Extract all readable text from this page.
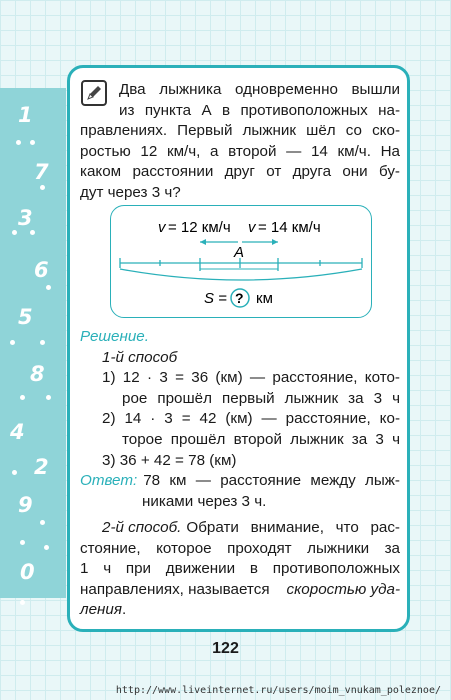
1
7
3
6
5
8
4
2
9
0
Два лыжника одновременно вышли
из пункта А в противоположных на-
правлениях. Первый лыжник шёл со ско-
ростью 12 км/ч, а второй — 14 км/ч. На
каком расстоянии друг от друга они бу-
дут через 3 ч?
v = 12 км/ч v = 14 км/ч
A
S = ? км
Решение.
1-й способ
1) 12 · 3 = 36 (км) — расстояние, кото-
рое прошёл первый лыжник за 3 ч
2) 14 · 3 = 42 (км) — расстояние, ко-
торое прошёл второй лыжник за 3 ч
3) 36 + 42 = 78 (км)
Ответ: 78 км — расстояние между лыж-
никами через 3 ч.
2-й способ. Обрати внимание, что рас-
стояние, которое проходят лыжники за
1 ч при движении в противоположных
направлениях, называется	скоростью уда-
ления.
122
http://www.liveinternet.ru/users/moim_vnukam_poleznoe/
